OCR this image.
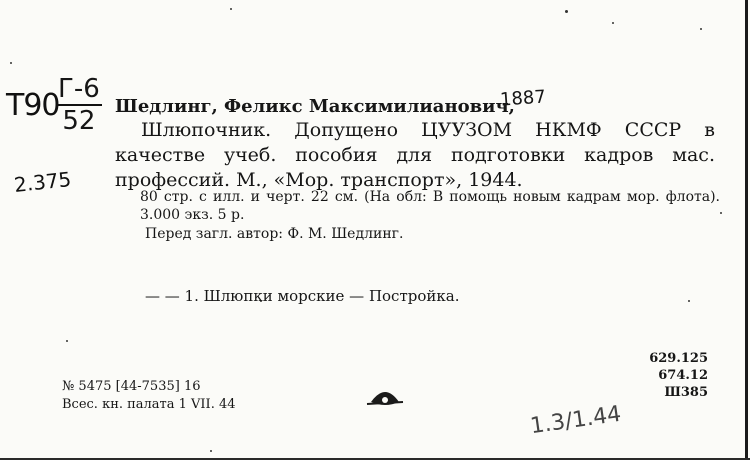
Т90
Г-6
52
2.375
Шедлинг, Феликс Максимилианович,
1887
Шлюпочник. Допущено ЦУУЗОМ НКМФ СССР в качестве учеб. пособия для подготовки кадров мас. профессий. М., «Мор. транспорт», 1944.
80 стр. с илл. и черт. 22 см. (На обл: В помощь новым кадрам мор. флота). 3.000 экз. 5 р.
Перед загл. автор: Ф. М. Шедлинг.
— — 1. Шлюпки морские — Постройка.
№ 5475 [44-7535] 16
Всес. кн. палата 1 VII. 44
629.125
674.12
Ш385
1.3/1.44
